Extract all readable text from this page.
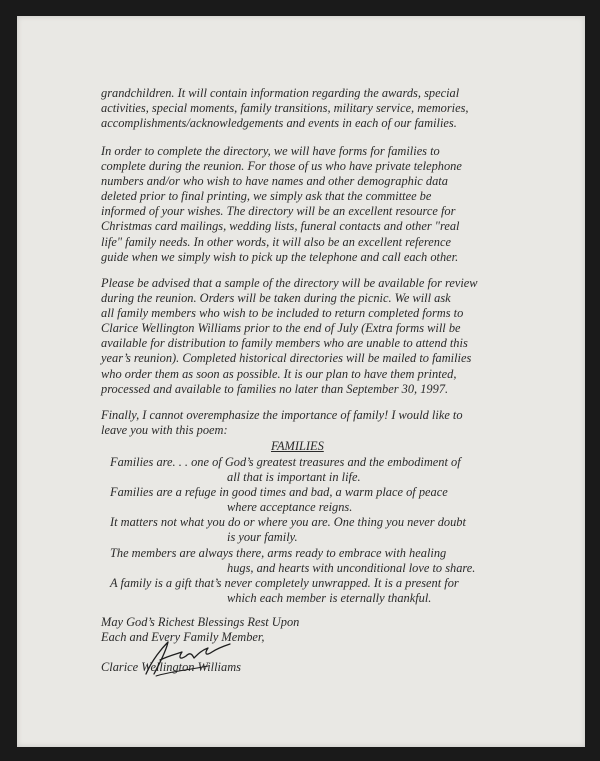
grandchildren. It will contain information regarding the awards, special
activities, special moments, family transitions, military service, memories,
accomplishments/acknowledgements and events in each of our families.
In order to complete the directory, we will have forms for families to
complete during the reunion. For those of us who have private telephone
numbers and/or who wish to have names and other demographic data
deleted prior to final printing, we simply ask that the committee be
informed of your wishes. The directory will be an excellent resource for
Christmas card mailings, wedding lists, funeral contacts and other "real
life" family needs. In other words, it will also be an excellent reference
guide when we simply wish to pick up the telephone and call each other.
Please be advised that a sample of the directory will be available for review
during the reunion. Orders will be taken during the picnic. We will ask
all family members who wish to be included to return completed forms to
Clarice Wellington Williams prior to the end of July (Extra forms will be
available for distribution to family members who are unable to attend this
year’s reunion). Completed historical directories will be mailed to families
who order them as soon as possible. It is our plan to have them printed,
processed and available to families no later than September 30, 1997.
Finally, I cannot overemphasize the importance of family! I would like to
leave you with this poem:
FAMILIES
Families are. . . one of God’s greatest treasures and the embodiment of
all that is important in life.
Families are a refuge in good times and bad, a warm place of peace
where acceptance reigns.
It matters not what you do or where you are. One thing you never doubt
is your family.
The members are always there, arms ready to embrace with healing
hugs, and hearts with unconditional love to share.
A family is a gift that’s never completely unwrapped. It is a present for
which each member is eternally thankful.
May God’s Richest Blessings Rest Upon
Each and Every Family Member,
Clarice Wellington Williams
